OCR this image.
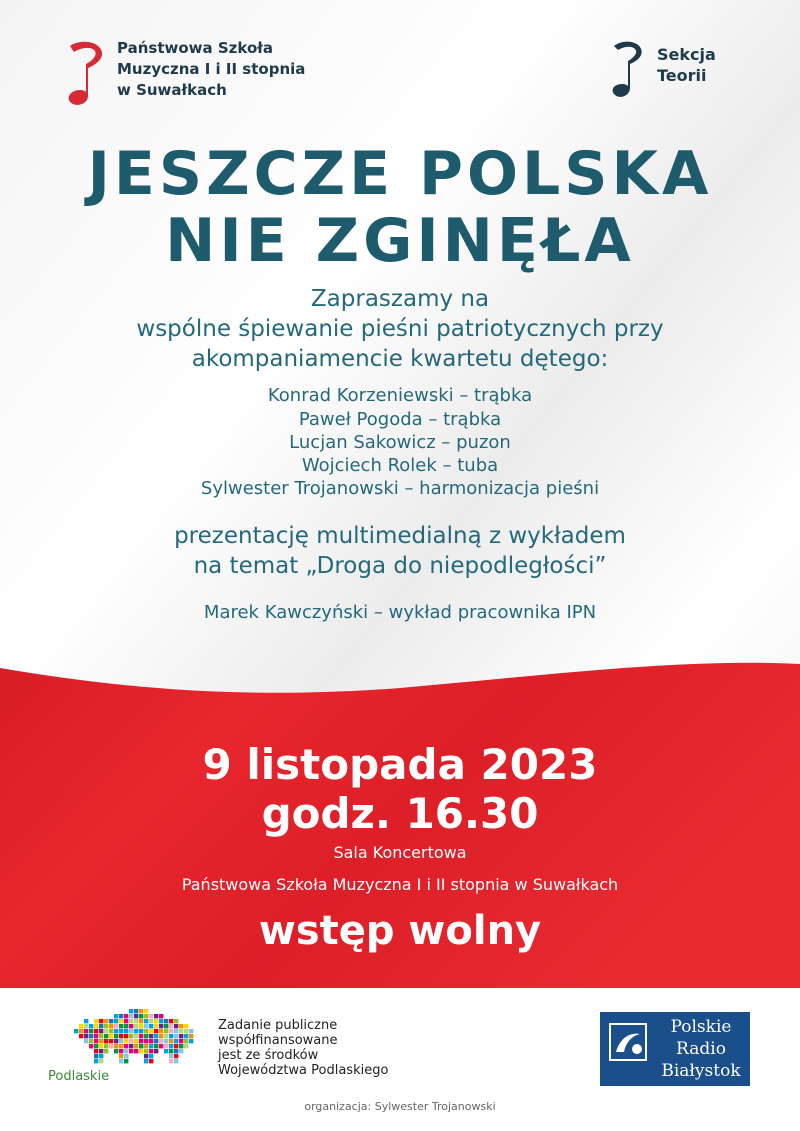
Państwowa Szkoła
Muzyczna I i II stopnia
w Suwałkach
Sekcja
Teorii
JESZCZE POLSKA
NIE ZGINĘŁA
Zapraszamy na
wspólne śpiewanie pieśni patriotycznych przy
akompaniamencie kwartetu dętego:
Konrad Korzeniewski – trąbka
Paweł Pogoda – trąbka
Lucjan Sakowicz – puzon
Wojciech Rolek – tuba
Sylwester Trojanowski – harmonizacja pieśni
prezentację multimedialną z wykładem
na temat „Droga do niepodległości”
Marek Kawczyński – wykład pracownika IPN
9 listopada 2023
godz. 16.30
Sala Koncertowa
Państwowa Szkoła Muzyczna I i II stopnia w Suwałkach
wstęp wolny
Podlaskie
Zadanie publiczne
współfinansowane
jest ze środków
Województwa Podlaskiego
Polskie
Radio
Białystok
organizacja: Sylwester Trojanowski
